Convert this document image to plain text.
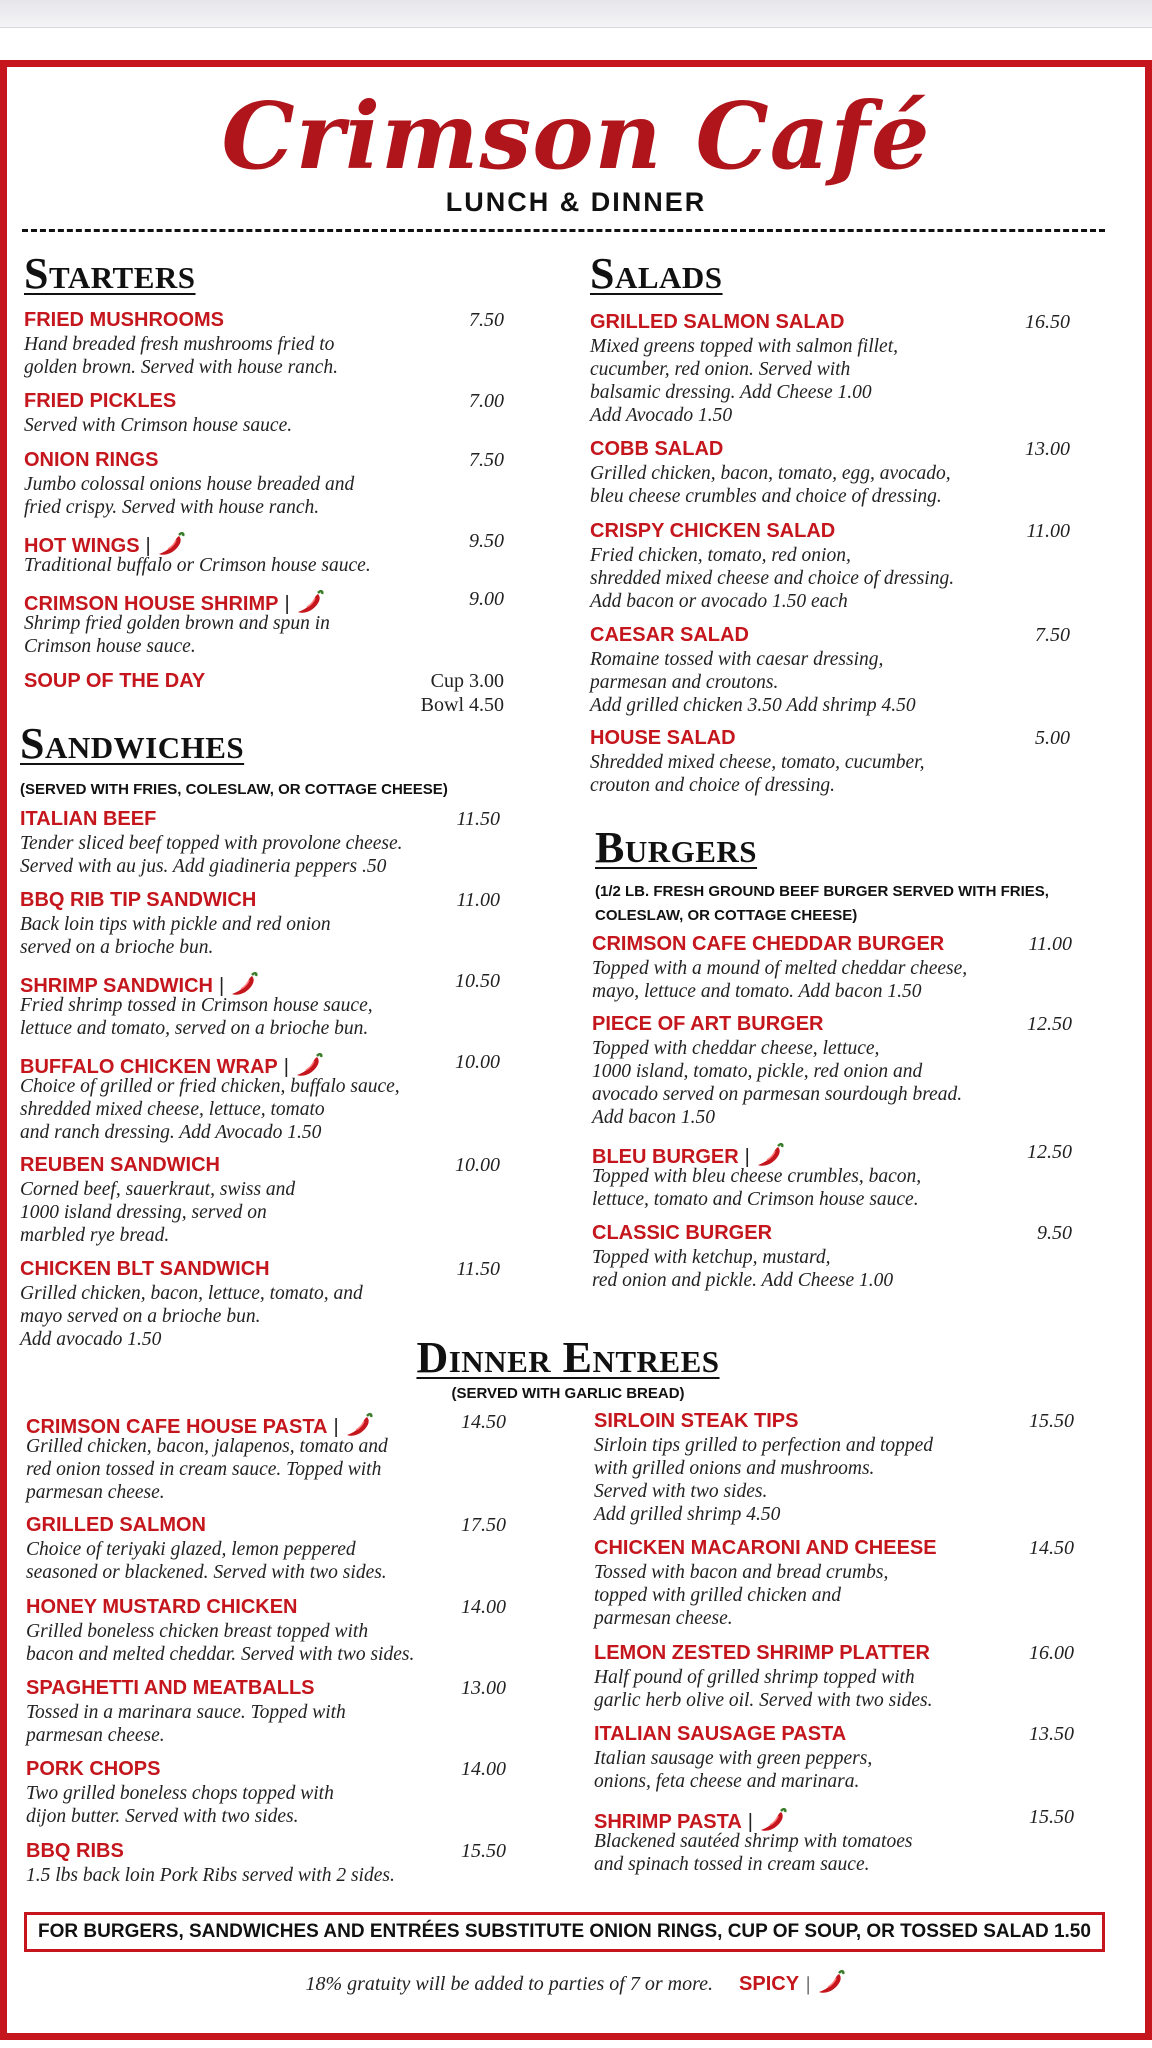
Crimson Café
LUNCH & DINNER
Starters	Salads
Sandwiches
(SERVED WITH FRIES, COLESLAW, OR COTTAGE CHEESE)
Burgers
(1/2 LB. FRESH GROUND BEEF BURGER SERVED WITH FRIES,
COLESLAW, OR COTTAGE CHEESE)
Dinner Entrees
(SERVED WITH GARLIC BREAD)
FRIED MUSHROOMS	7.50
Hand breaded fresh mushrooms fried to
golden brown. Served with house ranch.
FRIED PICKLES	7.00
Served with Crimson house sauce.
ONION RINGS	7.50
Jumbo colossal onions house breaded and
fried crispy. Served with house ranch.
HOT WINGS |	9.50
Traditional buffalo or Crimson house sauce.
CRIMSON HOUSE SHRIMP |	9.00
Shrimp fried golden brown and spun in
Crimson house sauce.
SOUP OF THE DAY	Cup 3.00
Bowl 4.50
ITALIAN BEEF	11.50
Tender sliced beef topped with provolone cheese.
Served with au jus. Add giadineria peppers .50
BBQ RIB TIP SANDWICH	11.00
Back loin tips with pickle and red onion
served on a brioche bun.
SHRIMP SANDWICH |	10.50
Fried shrimp tossed in Crimson house sauce,
lettuce and tomato, served on a brioche bun.
BUFFALO CHICKEN WRAP |	10.00
Choice of grilled or fried chicken, buffalo sauce,
shredded mixed cheese, lettuce, tomato
and ranch dressing. Add Avocado 1.50
REUBEN SANDWICH	10.00
Corned beef, sauerkraut, swiss and
1000 island dressing, served on
marbled rye bread.
CHICKEN BLT SANDWICH	11.50
Grilled chicken, bacon, lettuce, tomato, and
mayo served on a brioche bun.
Add avocado 1.50
GRILLED SALMON SALAD	16.50
Mixed greens topped with salmon fillet,
cucumber, red onion. Served with
balsamic dressing. Add Cheese 1.00
Add Avocado 1.50
COBB SALAD	13.00
Grilled chicken, bacon, tomato, egg, avocado,
bleu cheese crumbles and choice of dressing.
CRISPY CHICKEN SALAD	11.00
Fried chicken, tomato, red onion,
shredded mixed cheese and choice of dressing.
Add bacon or avocado 1.50 each
CAESAR SALAD	7.50
Romaine tossed with caesar dressing,
parmesan and croutons.
Add grilled chicken 3.50 Add shrimp 4.50
HOUSE SALAD	5.00
Shredded mixed cheese, tomato, cucumber,
crouton and choice of dressing.
CRIMSON CAFE CHEDDAR BURGER	11.00
Topped with a mound of melted cheddar cheese,
mayo, lettuce and tomato. Add bacon 1.50
PIECE OF ART BURGER	12.50
Topped with cheddar cheese, lettuce,
1000 island, tomato, pickle, red onion and
avocado served on parmesan sourdough bread.
Add bacon 1.50
BLEU BURGER |	12.50
Topped with bleu cheese crumbles, bacon,
lettuce, tomato and Crimson house sauce.
CLASSIC BURGER	9.50
Topped with ketchup, mustard,
red onion and pickle. Add Cheese 1.00
CRIMSON CAFE HOUSE PASTA |	14.50
Grilled chicken, bacon, jalapenos, tomato and
red onion tossed in cream sauce. Topped with
parmesan cheese.
GRILLED SALMON	17.50
Choice of teriyaki glazed, lemon peppered
seasoned or blackened. Served with two sides.
HONEY MUSTARD CHICKEN	14.00
Grilled boneless chicken breast topped with
bacon and melted cheddar. Served with two sides.
SPAGHETTI AND MEATBALLS	13.00
Tossed in a marinara sauce. Topped with
parmesan cheese.
PORK CHOPS	14.00
Two grilled boneless chops topped with
dijon butter. Served with two sides.
BBQ RIBS	15.50
1.5 lbs back loin Pork Ribs served with 2 sides.
SIRLOIN STEAK TIPS	15.50
Sirloin tips grilled to perfection and topped
with grilled onions and mushrooms.
Served with two sides.
Add grilled shrimp 4.50
CHICKEN MACARONI AND CHEESE	14.50
Tossed with bacon and bread crumbs,
topped with grilled chicken and
parmesan cheese.
LEMON ZESTED SHRIMP PLATTER	16.00
Half pound of grilled shrimp topped with
garlic herb olive oil. Served with two sides.
ITALIAN SAUSAGE PASTA	13.50
Italian sausage with green peppers,
onions, feta cheese and marinara.
SHRIMP PASTA |	15.50
Blackened sautéed shrimp with tomatoes
and spinach tossed in cream sauce.
FOR BURGERS, SANDWICHES AND ENTRÉES SUBSTITUTE ONION RINGS, CUP OF SOUP, OR TOSSED SALAD 1.50
18% gratuity will be added to parties of 7 or more. SPICY |
